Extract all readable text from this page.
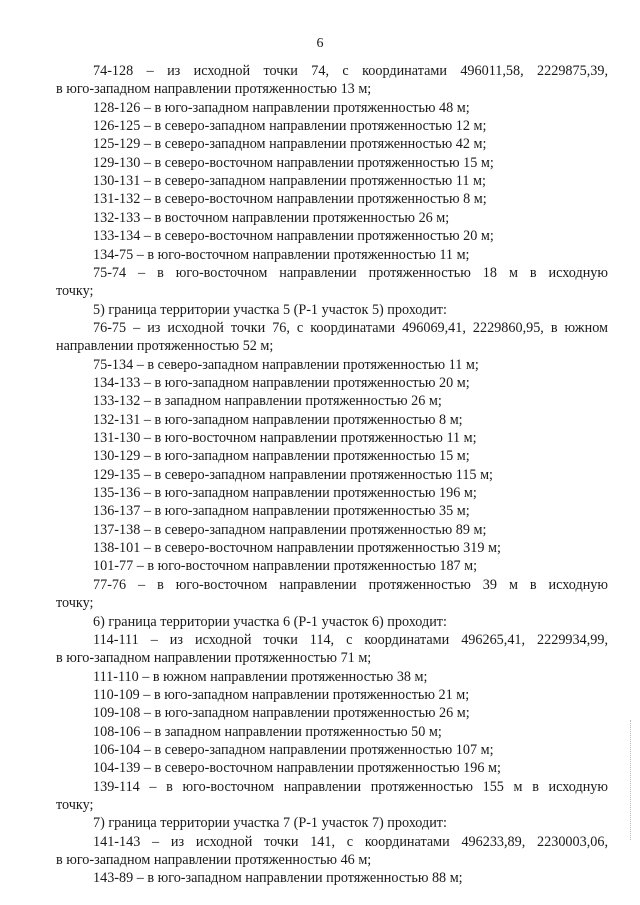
6
74-128 – из исходной точки 74, с координатами 496011,58, 2229875,39,
в юго-западном направлении протяженностью 13 м;
128-126 – в юго-западном направлении протяженностью 48 м;
126-125 – в северо-западном направлении протяженностью 12 м;
125-129 – в северо-западном направлении протяженностью 42 м;
129-130 – в северо-восточном направлении протяженностью 15 м;
130-131 – в северо-западном направлении протяженностью 11 м;
131-132 – в северо-восточном направлении протяженностью 8 м;
132-133 – в восточном направлении протяженностью 26 м;
133-134 – в северо-восточном направлении протяженностью 20 м;
134-75 – в юго-восточном направлении протяженностью 11 м;
75-74 – в юго-восточном направлении протяженностью 18 м в исходную
точку;
5) граница территории участка 5 (Р-1 участок 5) проходит:
76-75 – из исходной точки 76, с координатами 496069,41, 2229860,95, в южном
направлении протяженностью 52 м;
75-134 – в северо-западном направлении протяженностью 11 м;
134-133 – в юго-западном направлении протяженностью 20 м;
133-132 – в западном направлении протяженностью 26 м;
132-131 – в юго-западном направлении протяженностью 8 м;
131-130 – в юго-восточном направлении протяженностью 11 м;
130-129 – в юго-западном направлении протяженностью 15 м;
129-135 – в северо-западном направлении протяженностью 115 м;
135-136 – в юго-западном направлении протяженностью 196 м;
136-137 – в юго-западном направлении протяженностью 35 м;
137-138 – в северо-западном направлении протяженностью 89 м;
138-101 – в северо-восточном направлении протяженностью 319 м;
101-77 – в юго-восточном направлении протяженностью 187 м;
77-76 – в юго-восточном направлении протяженностью 39 м в исходную
точку;
6) граница территории участка 6 (Р-1 участок 6) проходит:
114-111 – из исходной точки 114, с координатами 496265,41, 2229934,99,
в юго-западном направлении протяженностью 71 м;
111-110 – в южном направлении протяженностью 38 м;
110-109 – в юго-западном направлении протяженностью 21 м;
109-108 – в юго-западном направлении протяженностью 26 м;
108-106 – в западном направлении протяженностью 50 м;
106-104 – в северо-западном направлении протяженностью 107 м;
104-139 – в северо-восточном направлении протяженностью 196 м;
139-114 – в юго-восточном направлении протяженностью 155 м в исходную
точку;
7) граница территории участка 7 (Р-1 участок 7) проходит:
141-143 – из исходной точки 141, с координатами 496233,89, 2230003,06,
в юго-западном направлении протяженностью 46 м;
143-89 – в юго-западном направлении протяженностью 88 м;
